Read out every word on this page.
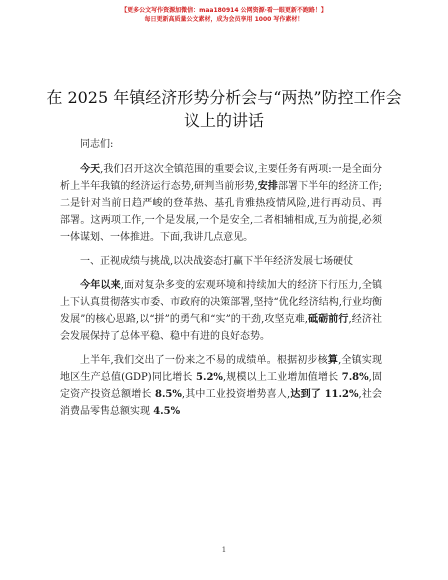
【更多公文写作资源加微信：maa180914 公网资源·看一眼更新不跑路！】
每日更新高质量公文素材，成为会员享用 1000 写作素材！
在 2025 年镇经济形势分析会与“两热”防控工作会议上的讲话

同志们:

今天,我们召开这次全镇范围的重要会议,主要任务有两项:一是全面分析上半年我镇的经济运行态势,研判当前形势,安排部署下半年的经济工作;二是针对当前日趋严峻的登革热、基孔肯雅热疫情风险,进行再动员、再部署。这两项工作,一个是发展,一个是安全,二者相辅相成,互为前提,必须一体谋划、一体推进。下面,我讲几点意见。

一、正视成绩与挑战,以决战姿态打赢下半年经济发展七场硬仗

今年以来,面对复杂多变的宏观环境和持续加大的经济下行压力,全镇上下认真贯彻落实市委、市政府的决策部署,坚持“优化经济结构,行业均衡发展”的核心思路,以“拼”的勇气和“实”的干劲,攻坚克难,砥砺前行,经济社会发展保持了总体平稳、稳中有进的良好态势。

上半年,我们交出了一份来之不易的成绩单。根据初步核算,全镇实现地区生产总值(GDP)同比增长 5.2%,规模以上工业增加值增长 7.8%,固定资产投资总额增长 8.5%,其中工业投资增势喜人,达到了 11.2%,社会消费品零售总额实现 4.5%

1
